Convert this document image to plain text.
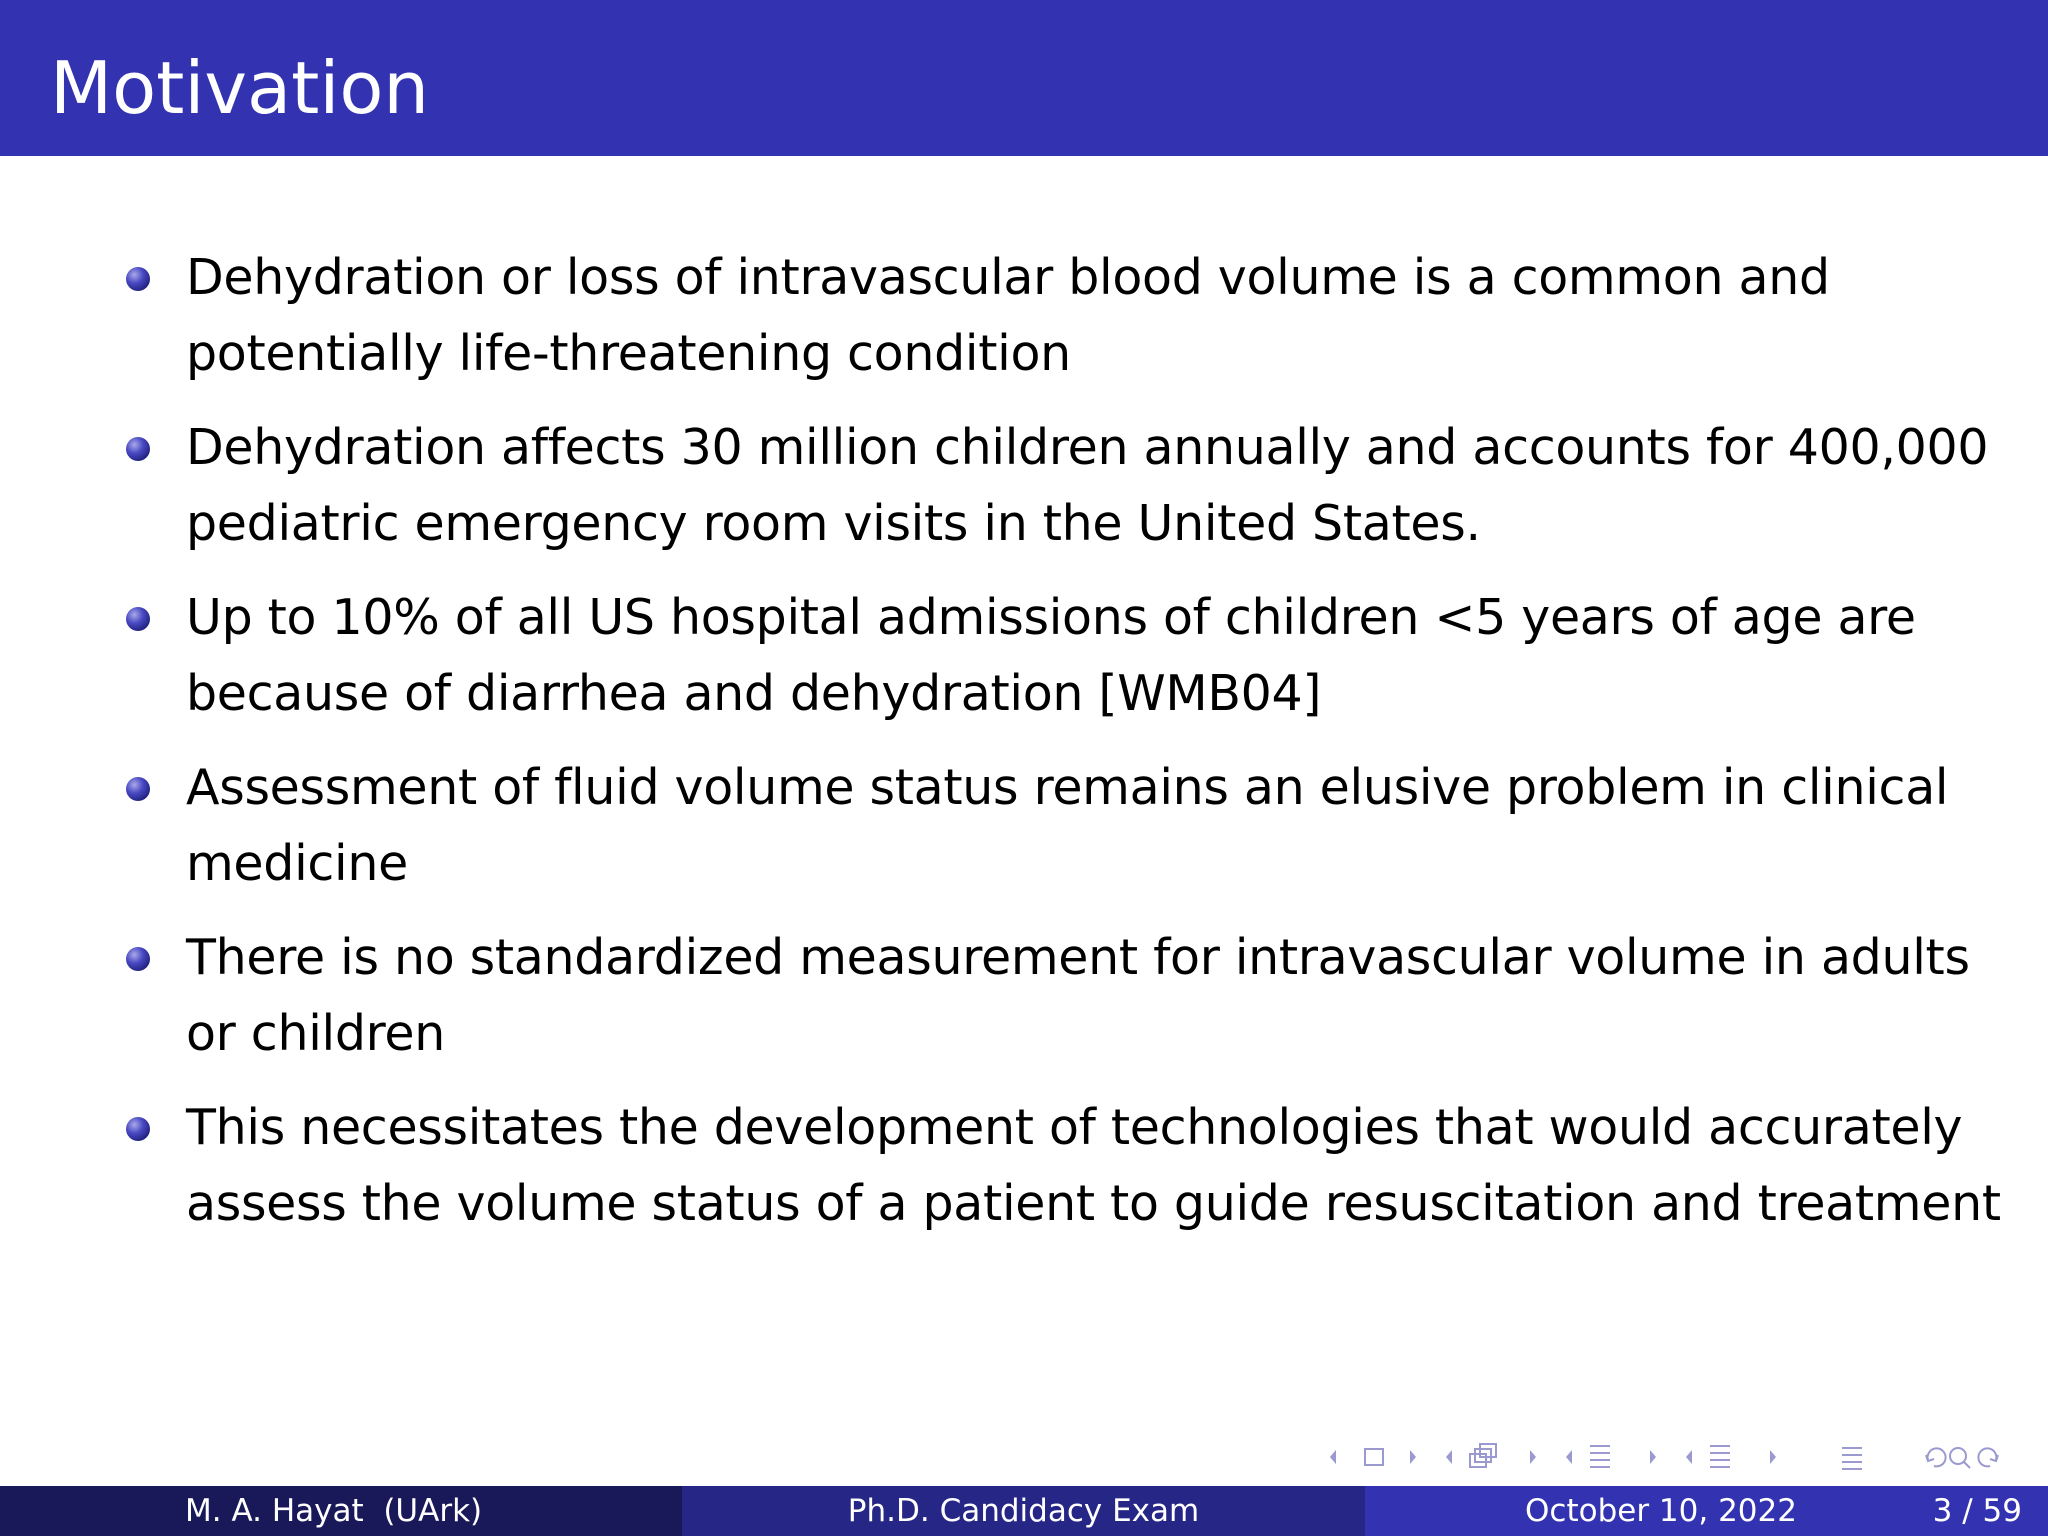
Motivation
Dehydration or loss of intravascular blood volume is a common and potentially life-threatening condition
Dehydration affects 30 million children annually and accounts for 400,000 pediatric emergency room visits in the United States.
Up to 10% of all US hospital admissions of children <5 years of age are because of diarrhea and dehydration [WMB04]
Assessment of fluid volume status remains an elusive problem in clinical medicine
There is no standardized measurement for intravascular volume in adults or children
This necessitates the development of technologies that would accurately assess the volume status of a patient to guide resuscitation and treatment
M. A. Hayat  (UArk)	Ph.D. Candidacy Exam	October 10, 2022	3 / 59
